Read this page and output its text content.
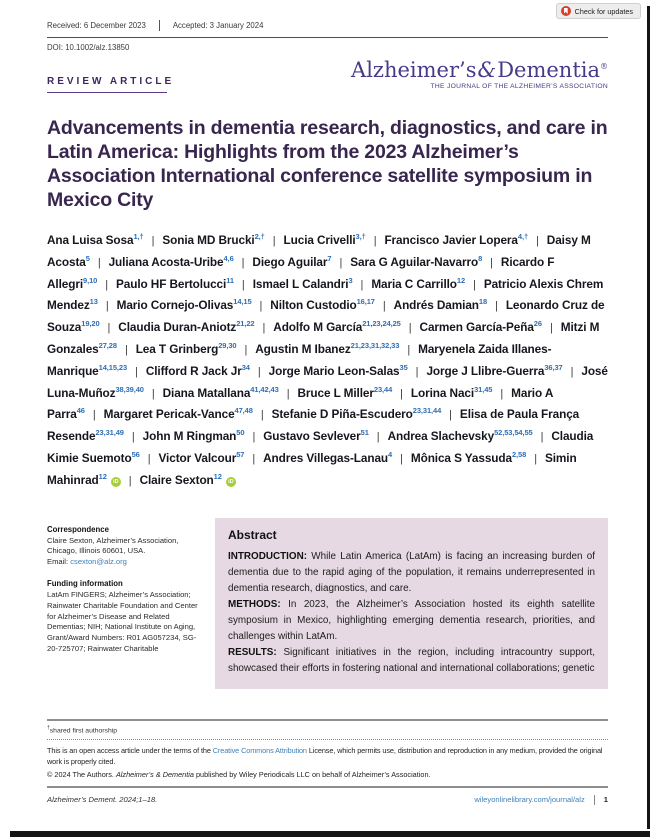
Check for updates
Received: 6 December 2023	Accepted: 3 January 2024
DOI: 10.1002/alz.13850
REVIEW ARTICLE	Alzheimer’s&Dementia®
THE JOURNAL OF THE ALZHEIMER’S ASSOCIATION
Advancements in dementia research, diagnostics, and care in Latin America: Highlights from the 2023 Alzheimer’s Association International conference satellite symposium in Mexico City
Ana Luisa Sosa$^{1,\dagger}$ | Sonia MD Brucki$^{2,\dagger}$ | Lucia Crivelli$^{3,\dagger}$ | Francisco Javier Lopera$^{4,\dagger}$ | Daisy M Acosta$^5$ | Juliana Acosta-Uribe$^{4,6}$ | Diego Aguilar$^7$ | Sara G Aguilar-Navarro$^8$ | Ricardo F Allegri$^{9,10}$ | Paulo HF Bertolucci$^{11}$ | Ismael L Calandri$^3$ | Maria C Carrillo$^{12}$ | Patricio Alexis Chrem Mendez$^{13}$ | Mario Cornejo-Olivas$^{14,15}$ | Nilton Custodio$^{16,17}$ | Andrés Damian$^{18}$ | Leonardo Cruz de Souza$^{19,20}$ | Claudia Duran-Aniotz$^{21,22}$ | Adolfo M García$^{21,23,24,25}$ | Carmen García-Peña$^{26}$ | Mitzi M Gonzales$^{27,28}$ | Lea T Grinberg$^{29,30}$ | Agustin M Ibanez$^{21,23,31,32,33}$ | Maryenela Zaida Illanes-Manrique$^{14,15,23}$ | Clifford R Jack Jr$^{34}$ | Jorge Mario Leon-Salas$^{35}$ | Jorge J Llibre-Guerra$^{36,37}$ | José Luna-Muñoz$^{38,39,40}$ | Diana Matallana$^{41,42,43}$ | Bruce L Miller$^{23,44}$ | Lorina Naci$^{31,45}$ | Mario A Parra$^{46}$ | Margaret Pericak-Vance$^{47,48}$ | Stefanie D Piña-Escudero$^{23,31,44}$ | Elisa de Paula França Resende$^{23,31,49}$ | John M Ringman$^{50}$ | Gustavo Sevlever$^{51}$ | Andrea Slachevsky$^{52,53,54,55}$ | Claudia Kimie Suemoto$^{56}$ | Victor Valcour$^{57}$ | Andres Villegas-Lanau$^4$ | Mônica S Yassuda$^{2,58}$ | Simin Mahinrad$^{12}$iD | Claire Sexton$^{12}$iD
Correspondence
Claire Sexton, Alzheimer’s Association, Chicago, Illinois 60601, USA.
Email: csexton@alz.org
Funding information
LatAm FINGERS; Alzheimer’s Association; Rainwater Charitable Foundation and Center for Alzheimer’s Disease and Related Dementias; NIH; National Institute on Aging, Grant/Award Numbers: R01 AG057234, SG-20-725707; Rainwater Charitable
Abstract

INTRODUCTION: While Latin America (LatAm) is facing an increasing burden of dementia due to the rapid aging of the population, it remains underrepresented in dementia research, diagnostics, and care.

METHODS: In 2023, the Alzheimer’s Association hosted its eighth satellite symposium in Mexico, highlighting emerging dementia research, priorities, and challenges within LatAm.

RESULTS: Significant initiatives in the region, including intracountry support, showcased their efforts in fostering national and international collaborations; genetic

†shared first authorship
This is an open access article under the terms of the Creative Commons Attribution License, which permits use, distribution and reproduction in any medium, provided the original work is properly cited.
© 2024 The Authors. Alzheimer’s & Dementia published by Wiley Periodicals LLC on behalf of Alzheimer’s Association.
Alzheimer’s Dement. 2024;1–18.	wileyonlinelibrary.com/journal/alz	1
